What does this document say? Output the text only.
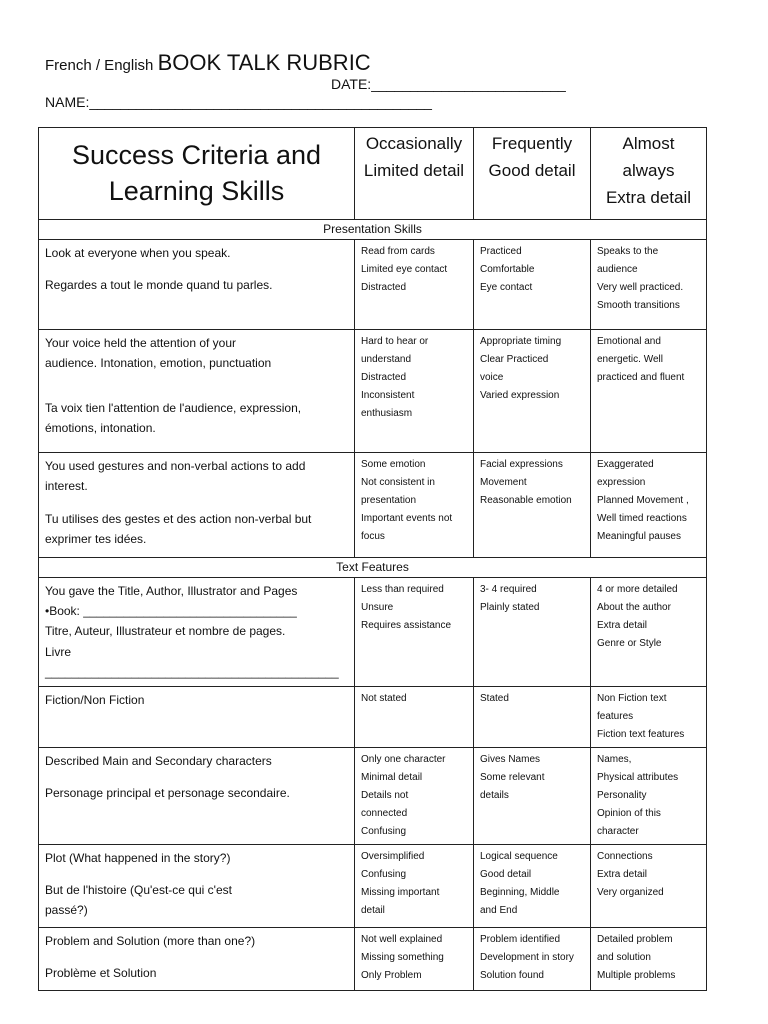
French / English BOOK TALK RUBRIC
DATE:_________________________
NAME:____________________________________________
Success Criteria and Learning Skills	Occasionally
Limited detail	Frequently
Good detail	Almost
always
Extra detail

Presentation Skills			

Look at everyone when you speak.
Regardes a tout le monde quand tu parles.	Read from cards
Limited eye contact
Distracted	Practiced
Comfortable
Eye contact	Speaks to the
audience
Very well practiced.
Smooth transitions

Your voice held the attention of your
audience. Intonation, emotion, punctuation
Ta voix tien l'attention de l'audience, expression,
émotions, intonation.	Hard to hear or
understand
Distracted
Inconsistent
enthusiasm	Appropriate timing
Clear Practiced
voice
Varied expression	Emotional and
energetic. Well
practiced and fluent

You used gestures and non-verbal actions to add
interest.
Tu utilises des gestes et des action non-verbal but
exprimer tes idées.	Some emotion
Not consistent in
presentation
Important events not
focus	Facial expressions
Movement
Reasonable emotion	Exaggerated
expression
Planned Movement ,
Well timed reactions
Meaningful pauses

Text Features			

You gave the Title, Author, Illustrator and Pages
•Book: ________________________________
Titre, Auteur, Illustrateur et nombre de pages.
Livre
____________________________________________	Less than required
Unsure
Requires assistance	3- 4 required
Plainly stated	4 or more detailed
About the author
Extra detail
Genre or Style

Fiction/Non Fiction	Not stated	Stated	Non Fiction text
features
Fiction text features

Described Main and Secondary characters
Personage principal et personage secondaire.	Only one character
Minimal detail
Details not
connected
Confusing	Gives Names
Some relevant
details	Names,
Physical attributes
Personality
Opinion of this
character

Plot (What happened in the story?)
But de l'histoire (Qu'est-ce qui c'est
passé?)	Oversimplified
Confusing
Missing important
detail	Logical sequence
Good detail
Beginning, Middle
and End	Connections
Extra detail
Very organized

Problem and Solution (more than one?)
Problème et Solution	Not well explained
Missing something
Only Problem	Problem identified
Development in story
Solution found	Detailed problem
and solution
Multiple problems
